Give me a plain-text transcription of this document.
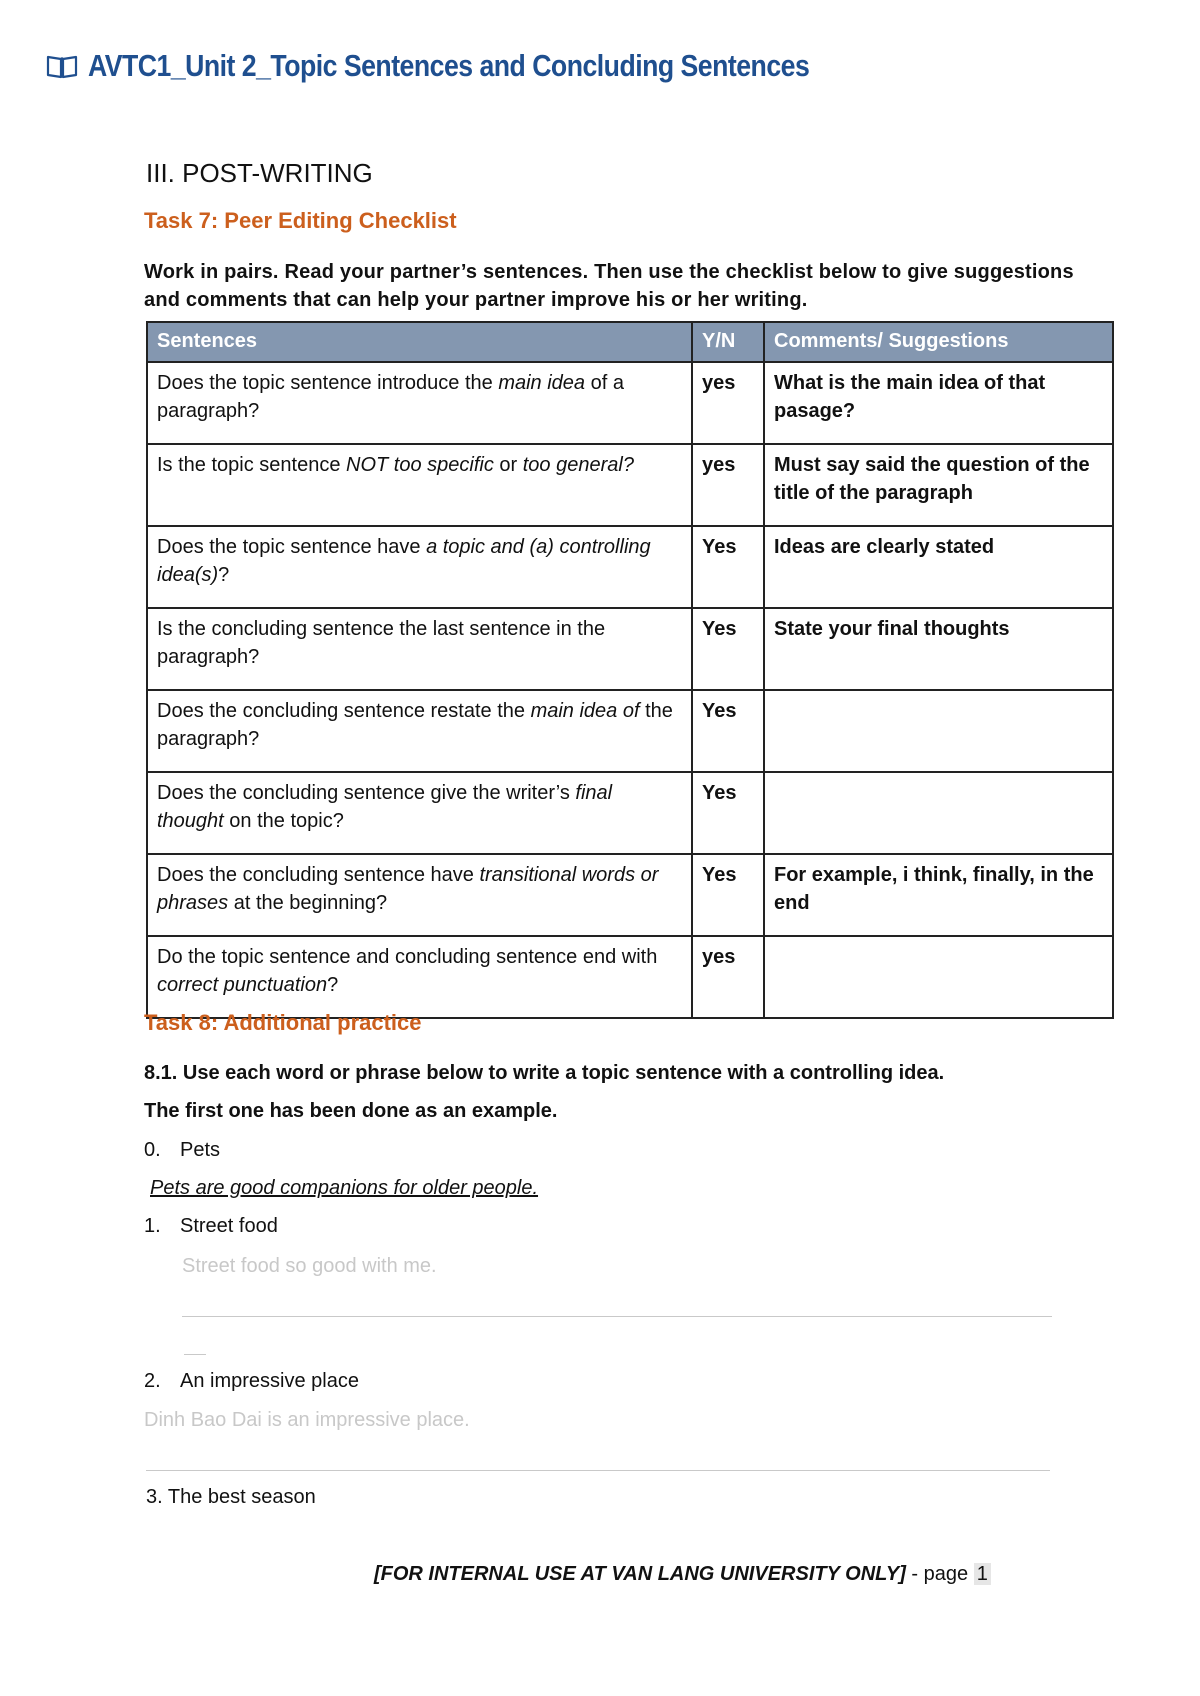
AVTC1_Unit 2_Topic Sentences and Concluding Sentences
III. POST-WRITING
Task 7: Peer Editing Checklist
Work in pairs. Read your partner’s sentences. Then use the checklist below to give suggestions and comments that can help your partner improve his or her writing.
Sentences	Y/N	Comments/ Suggestions
Does the topic sentence introduce the main idea of a paragraph?	yes	What is the main idea of that pasage?
Is the topic sentence NOT too specific or too general?	yes	Must say said the question of the title of the paragraph
Does the topic sentence have a topic and (a) controlling idea(s)?	Yes	Ideas are clearly stated
Is the concluding sentence the last sentence in the paragraph?	Yes	State your final thoughts
Does the concluding sentence restate the main idea of the paragraph?	Yes	
Does the concluding sentence give the writer’s final thought on the topic?	Yes	
Does the concluding sentence have transitional words or phrases at the beginning?	Yes	For example, i think, finally, in the end
Do the topic sentence and concluding sentence end with correct punctuation?	yes	
Task 8: Additional practice
8.1. Use each word or phrase below to write a topic sentence with a controlling idea.
The first one has been done as an example.
0. Pets
Pets are good companions for older people.
1. Street food
Street food so good with me.
2. An impressive place
Dinh Bao Dai is an impressive place.
3. The best season
[FOR INTERNAL USE AT VAN LANG UNIVERSITY ONLY] - page 1
